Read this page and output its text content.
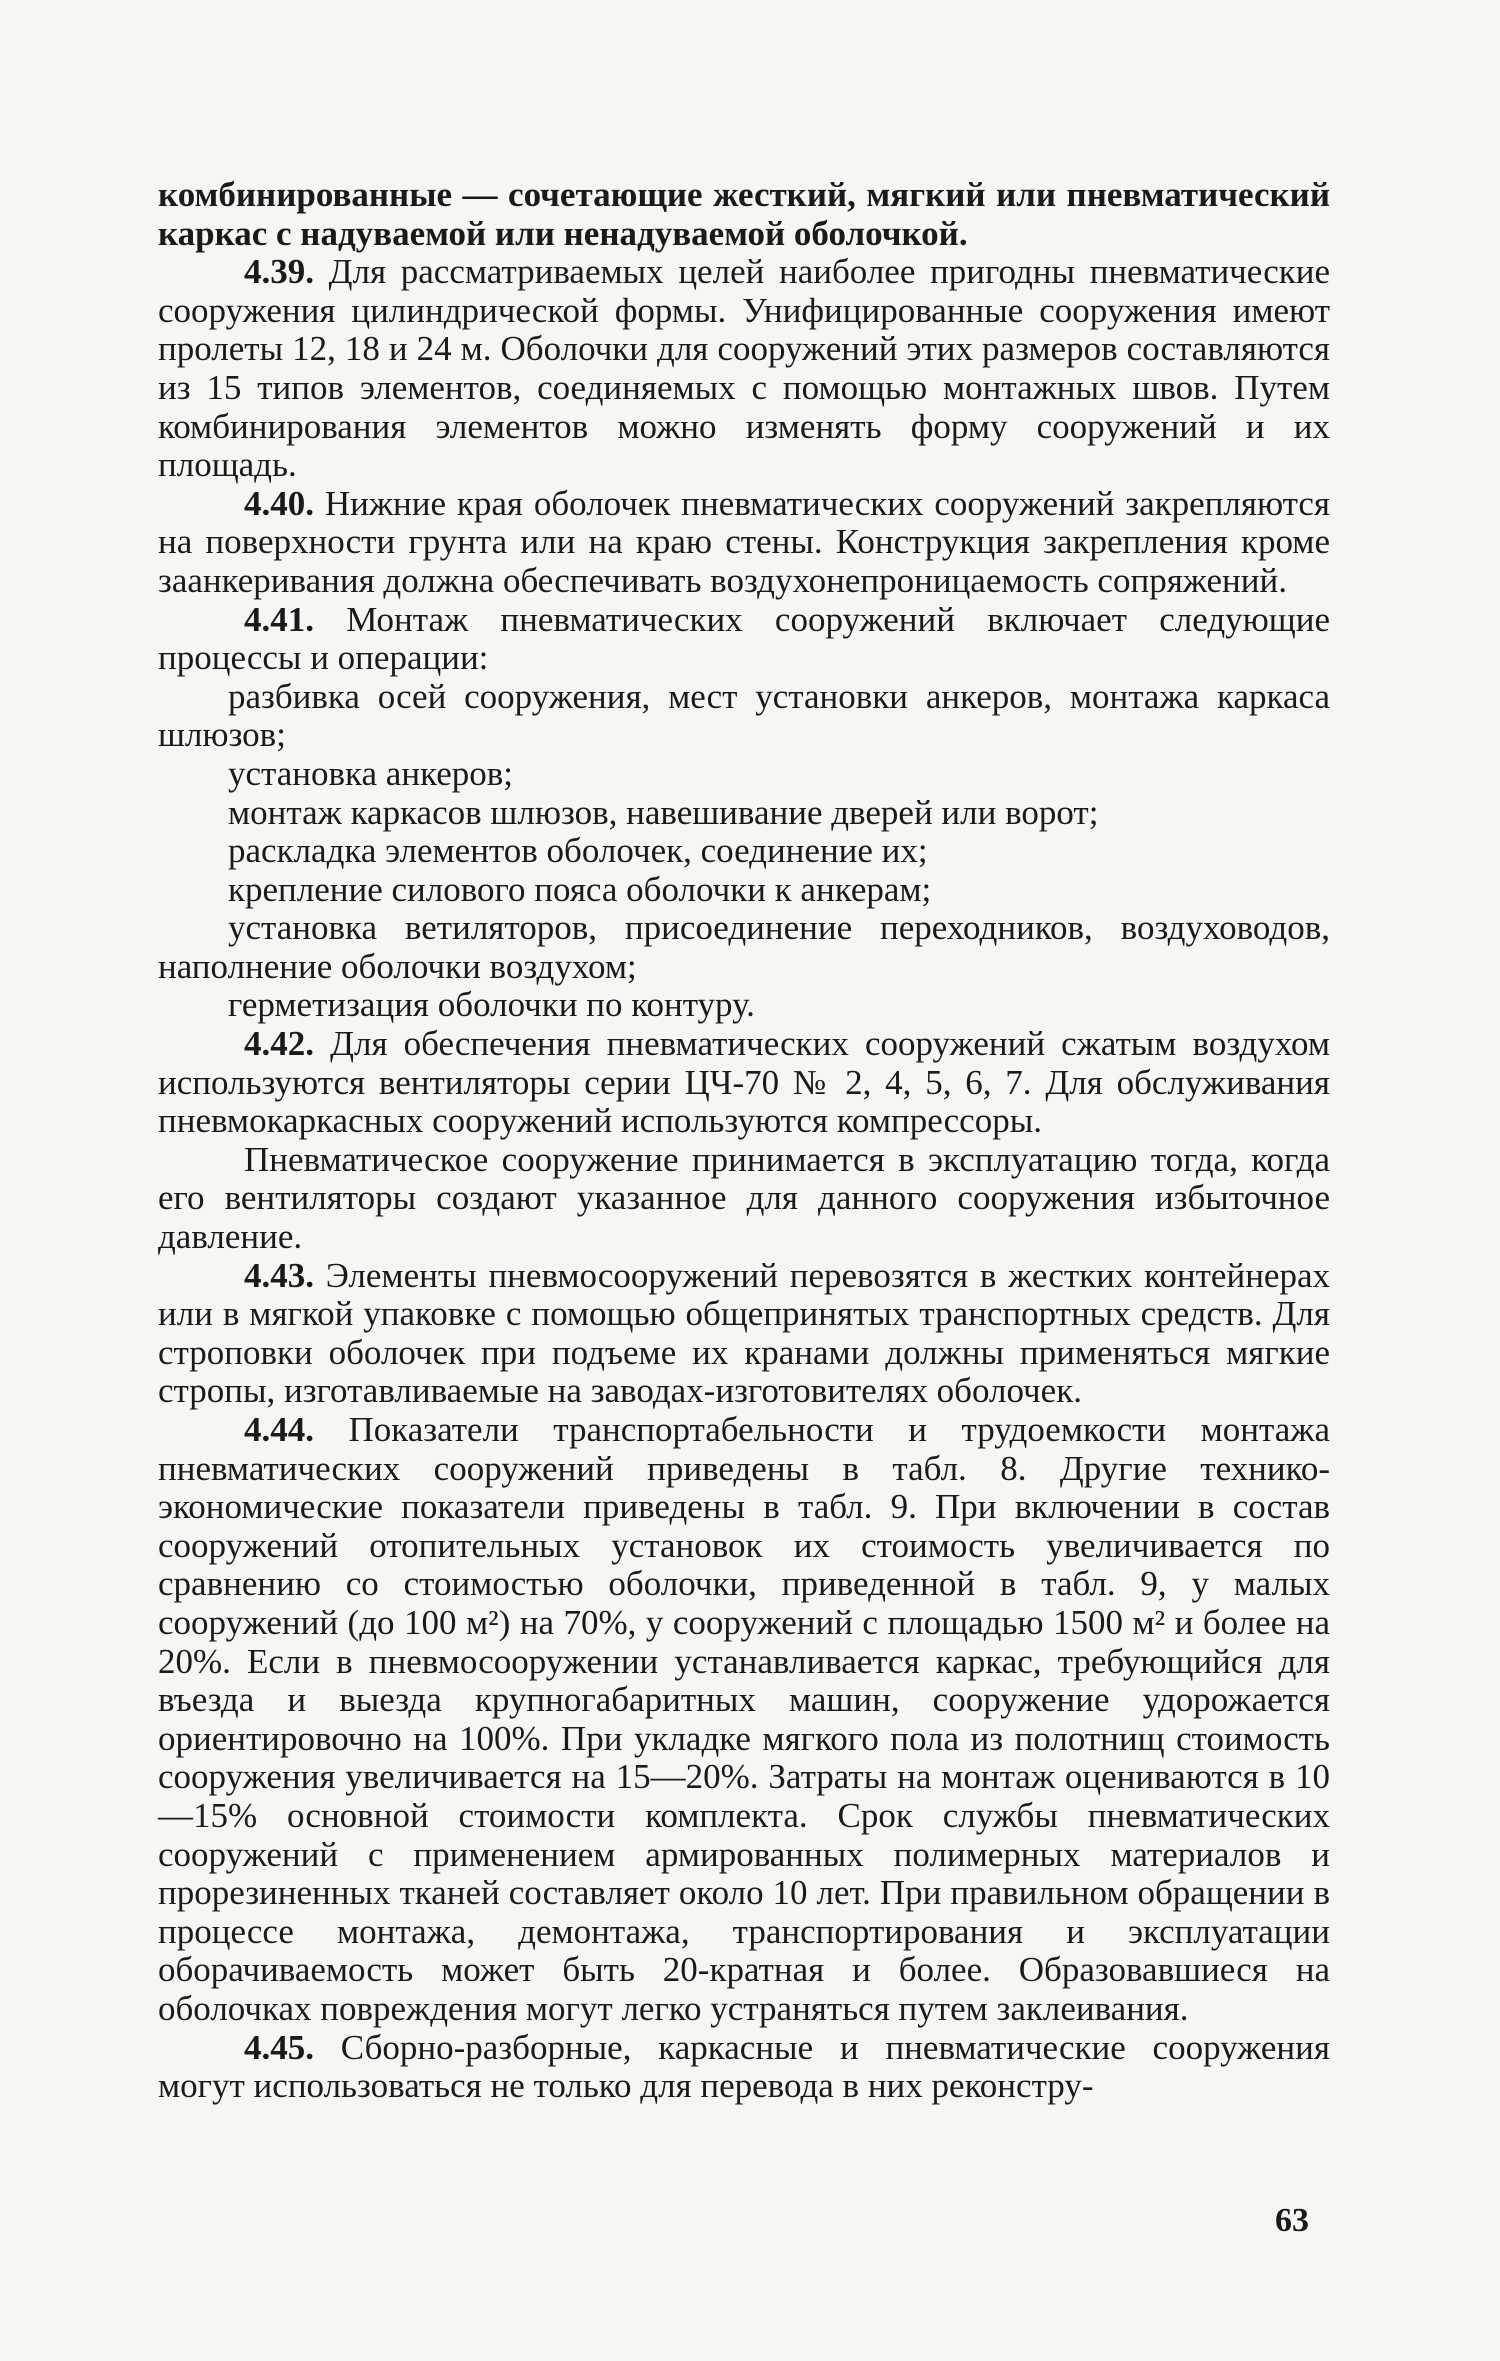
комбинированные — сочетающие жесткий, мягкий или пневматический каркас с надуваемой или ненадуваемой оболочкой.

4.39. Для рассматриваемых целей наиболее пригодны пневматические сооружения цилиндрической формы. Унифицированные сооружения имеют пролеты 12, 18 и 24 м. Оболочки для сооружений этих размеров составляются из 15 типов элементов, соединяемых с помощью монтажных швов. Путем комбинирования элементов можно изменять форму сооружений и их площадь.

4.40. Нижние края оболочек пневматических сооружений закрепляются на поверхности грунта или на краю стены. Конструкция закрепления кроме заанкеривания должна обеспечивать воздухонепроницаемость сопряжений.

4.41. Монтаж пневматических сооружений включает следующие процессы и операции:

разбивка осей сооружения, мест установки анкеров, монтажа каркаса шлюзов;

установка анкеров;

монтаж каркасов шлюзов, навешивание дверей или ворот;

раскладка элементов оболочек, соединение их;

крепление силового пояса оболочки к анкерам;

установка ветиляторов, присоединение переходников, воздуховодов, наполнение оболочки воздухом;

герметизация оболочки по контуру.

4.42. Для обеспечения пневматических сооружений сжатым воздухом используются вентиляторы серии ЦЧ-70 № 2, 4, 5, 6, 7. Для обслуживания пневмокаркасных сооружений используются компрессоры.

Пневматическое сооружение принимается в эксплуатацию тогда, когда его вентиляторы создают указанное для данного сооружения избыточное давление.

4.43. Элементы пневмосооружений перевозятся в жестких контейнерах или в мягкой упаковке с помощью общепринятых транспортных средств. Для строповки оболочек при подъеме их кранами должны применяться мягкие стропы, изготавливаемые на заводах-изготовителях оболочек.

4.44. Показатели транспортабельности и трудоемкости монтажа пневматических сооружений приведены в табл. 8. Другие технико-экономические показатели приведены в табл. 9. При включении в состав сооружений отопительных установок их стоимость увеличивается по сравнению со стоимостью оболочки, приведенной в табл. 9, у малых сооружений (до 100 м²) на 70%, у сооружений с площадью 1500 м² и более на 20%. Если в пневмосооружении устанавливается каркас, требующийся для въезда и выезда крупногабаритных машин, сооружение удорожается ориентировочно на 100%. При укладке мягкого пола из полотнищ стоимость сооружения увеличивается на 15—20%. Затраты на монтаж оцениваются в 10—15% основной стоимости комплекта. Срок службы пневматических сооружений с применением армированных полимерных материалов и прорезиненных тканей составляет около 10 лет. При правильном обращении в процессе монтажа, демонтажа, транспортирования и эксплуатации оборачиваемость может быть 20-кратная и более. Образовавшиеся на оболочках повреждения могут легко устраняться путем заклеивания.

4.45. Сборно-разборные, каркасные и пневматические сооружения могут использоваться не только для перевода в них реконстру-

63
